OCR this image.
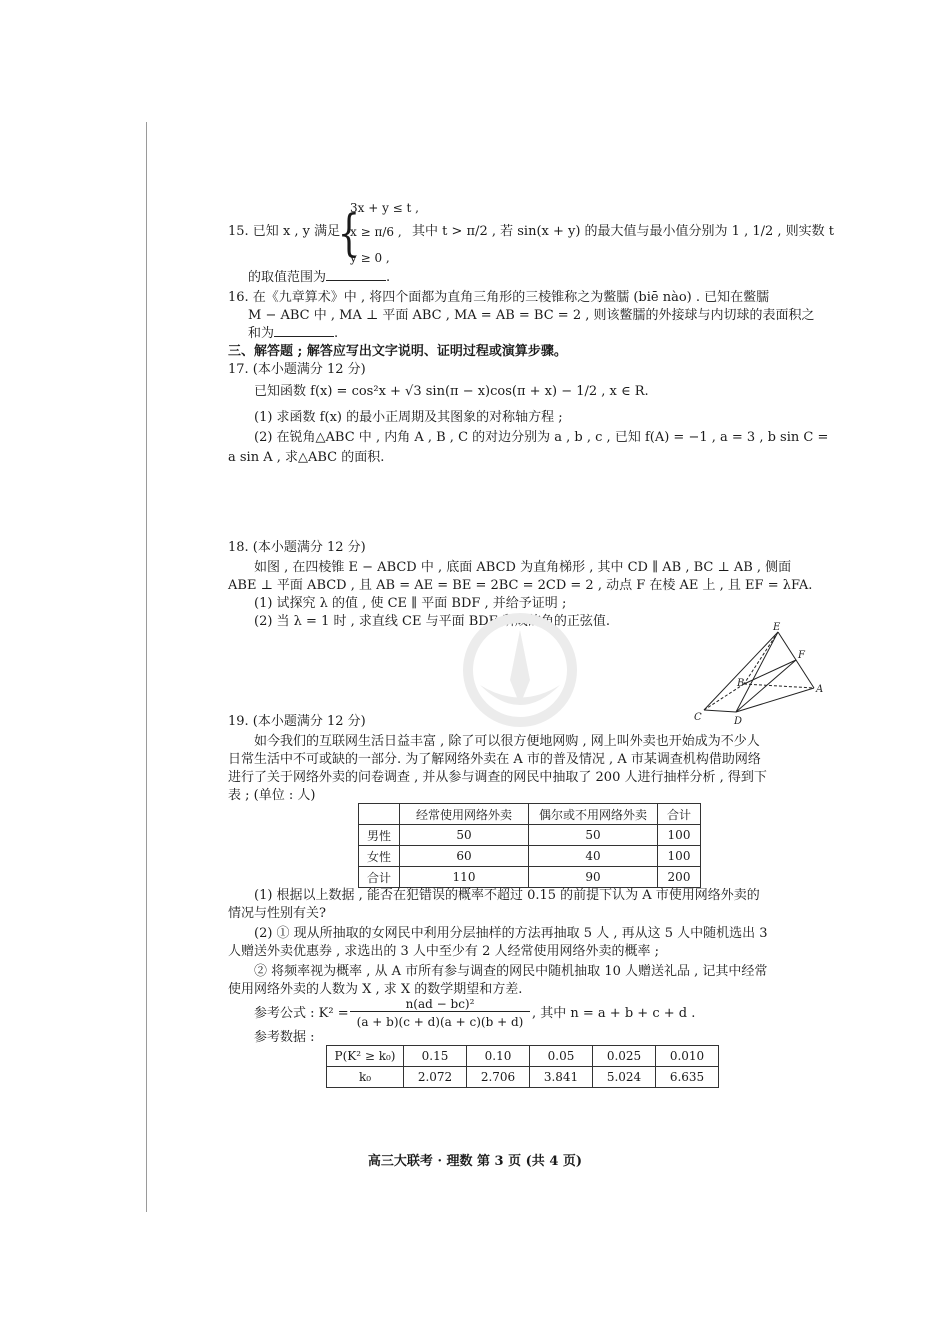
15. 已知 x , y 满足
{
3x + y ≤ t ,
x ≥ π/6 ,
y ≥ 0 ,
其中 t > π/2 , 若 sin(x + y) 的最大值与最小值分别为 1 , 1/2 , 则实数 t
的取值范围为	.
16. 在《九章算术》中 , 将四个面都为直角三角形的三棱锥称之为鳖臑 (biē nào) . 已知在鳖臑
M − ABC 中 , MA ⊥ 平面 ABC , MA = AB = BC = 2 , 则该鳖臑的外接球与内切球的表面积之
和为	.
三、解答题 ; 解答应写出文字说明、证明过程或演算步骤。
17. (本小题满分 12 分)
已知函数 f(x) = cos²x + √3 sin(π − x)cos(π + x) − 1/2 , x ∈ R.
(1) 求函数 f(x) 的最小正周期及其图象的对称轴方程 ;
(2) 在锐角△ABC 中 , 内角 A , B , C 的对边分别为 a , b , c , 已知 f(A) = −1 , a = 3 , b sin C =
a sin A , 求△ABC 的面积.
18. (本小题满分 12 分)
如图 , 在四棱锥 E − ABCD 中 , 底面 ABCD 为直角梯形 , 其中 CD ∥ AB , BC ⊥ AB , 侧面
ABE ⊥ 平面 ABCD , 且 AB = AE = BE = 2BC = 2CD = 2 , 动点 F 在棱 AE 上 , 且 EF = λFA.
(1) 试探究 λ 的值 , 使 CE ∥ 平面 BDF , 并给予证明 ;
(2) 当 λ = 1 时 , 求直线 CE 与平面 BDF 所成的角的正弦值.	E
F
B
A
C	D
19. (本小题满分 12 分)
如今我们的互联网生活日益丰富 , 除了可以很方便地网购 , 网上叫外卖也开始成为不少人
日常生活中不可或缺的一部分. 为了解网络外卖在 A 市的普及情况 , A 市某调查机构借助网络
进行了关于网络外卖的问卷调查 , 并从参与调查的网民中抽取了 200 人进行抽样分析 , 得到下
表 ; (单位 : 人)
	经常使用网络外卖	偶尔或不用网络外卖	合计
男性	50	50	100
女性	60	40	100
合计	110	90	200
(1) 根据以上数据 , 能否在犯错误的概率不超过 0.15 的前提下认为 A 市使用网络外卖的
情况与性别有关?
(2) ① 现从所抽取的女网民中利用分层抽样的方法再抽取 5 人 , 再从这 5 人中随机选出 3
人赠送外卖优惠券 , 求选出的 3 人中至少有 2 人经常使用网络外卖的概率 ;
② 将频率视为概率 , 从 A 市所有参与调查的网民中随机抽取 10 人赠送礼品 , 记其中经常
使用网络外卖的人数为 X , 求 X 的数学期望和方差.
参考公式 : K² =
n(ad − bc)²
(a + b)(c + d)(a + c)(b + d)
, 其中 n = a + b + c + d .
参考数据 :
P(K² ≥ k₀)	0.15	0.10	0.05	0.025	0.010
k₀	2.072	2.706	3.841	5.024	6.635
高三大联考 · 理数 第 3 页 (共 4 页)
